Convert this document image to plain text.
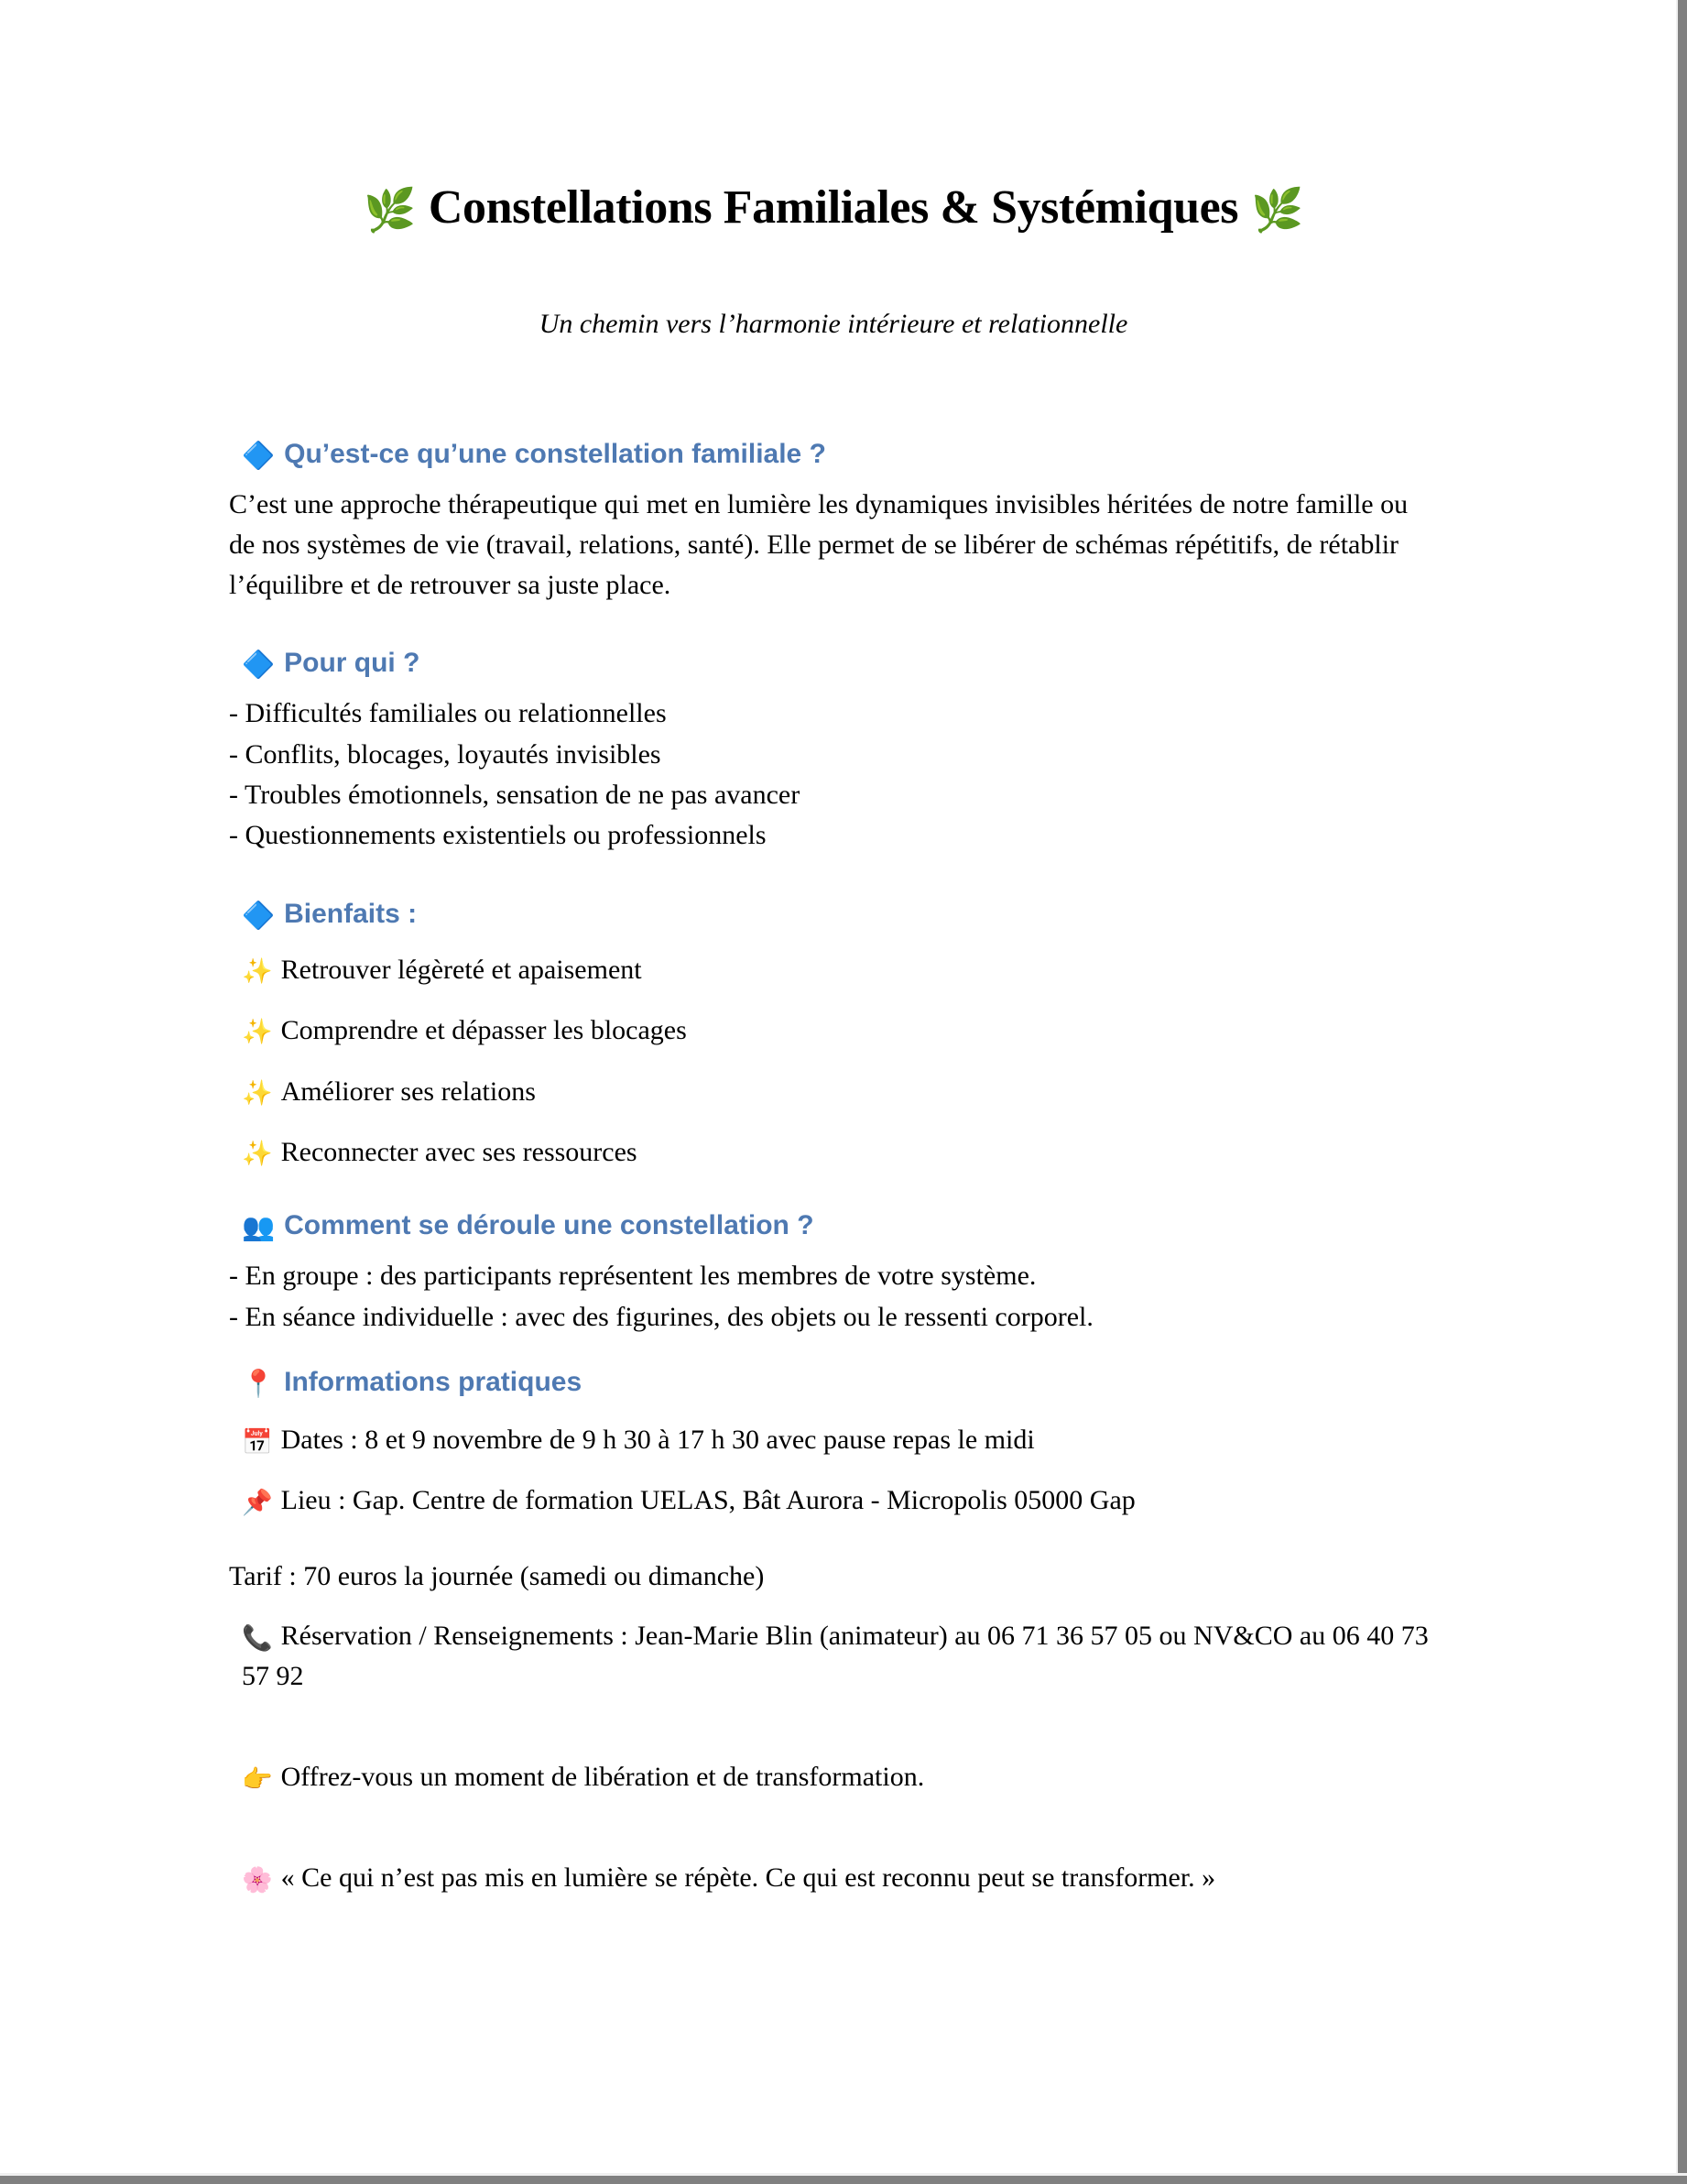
🌿 Constellations Familiales & Systémiques 🌿

Un chemin vers l’harmonie intérieure et relationnelle

🔷 Qu’est-ce qu’une constellation familiale ?

C’est une approche thérapeutique qui met en lumière les dynamiques invisibles héritées de notre famille ou de nos systèmes de vie (travail, relations, santé). Elle permet de se libérer de schémas répétitifs, de rétablir l’équilibre et de retrouver sa juste place.

🔷 Pour qui ?
- Difficultés familiales ou relationnelles
- Conflits, blocages, loyautés invisibles
- Troubles émotionnels, sensation de ne pas avancer
- Questionnements existentiels ou professionnels
🔷 Bienfaits :
✨ Retrouver légèreté et apaisement
✨ Comprendre et dépasser les blocages
✨ Améliorer ses relations
✨ Reconnecter avec ses ressources
👥 Comment se déroule une constellation ?
- En groupe : des participants représentent les membres de votre système.
- En séance individuelle : avec des figurines, des objets ou le ressenti corporel.
📍 Informations pratiques
📅 Dates : 8 et 9 novembre de 9 h 30 à 17 h 30 avec pause repas le midi
📌 Lieu : Gap. Centre de formation UELAS, Bât Aurora - Micropolis 05000 Gap
Tarif : 70 euros la journée (samedi ou dimanche)
📞 Réservation / Renseignements : Jean-Marie Blin (animateur) au 06 71 36 57 05 ou NV&CO au 06 40 73 57 92
👉 Offrez-vous un moment de libération et de transformation.
🌸 « Ce qui n’est pas mis en lumière se répète. Ce qui est reconnu peut se transformer. »
